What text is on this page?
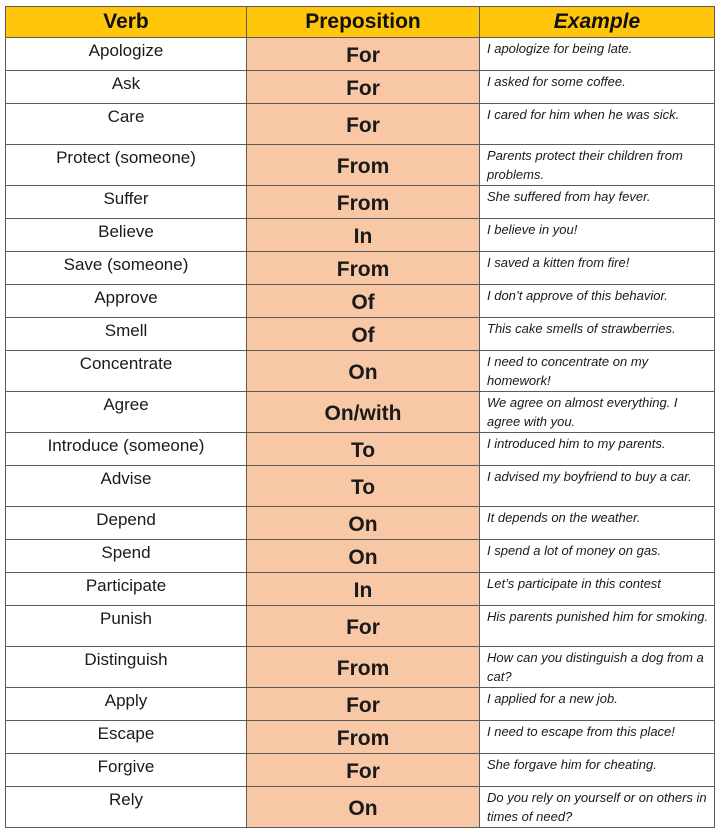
Verb	Preposition	Example
Apologize	For	I apologize for being late.
Ask	For	I asked for some coffee.
Care	For	I cared for him when he was sick.
Protect (someone)	From	Parents protect their children from problems.
Suffer	From	She suffered from hay fever.
Believe	In	I believe in you!
Save (someone)	From	I saved a kitten from fire!
Approve	Of	I don’t approve of this behavior.
Smell	Of	This cake smells of strawberries.
Concentrate	On	I need to concentrate on my homework!
Agree	On/with	We agree on almost everything. I agree with you.
Introduce (someone)	To	I introduced him to my parents.
Advise	To	I advised my boyfriend to buy a car.
Depend	On	It depends on the weather.
Spend	On	I spend a lot of money on gas.
Participate	In	Let’s participate in this contest
Punish	For	His parents punished him for smoking.
Distinguish	From	How can you distinguish a dog from a cat?
Apply	For	I applied for a new job.
Escape	From	I need to escape from this place!
Forgive	For	She forgave him for cheating.
Rely	On	Do you rely on yourself or on others in times of need?
